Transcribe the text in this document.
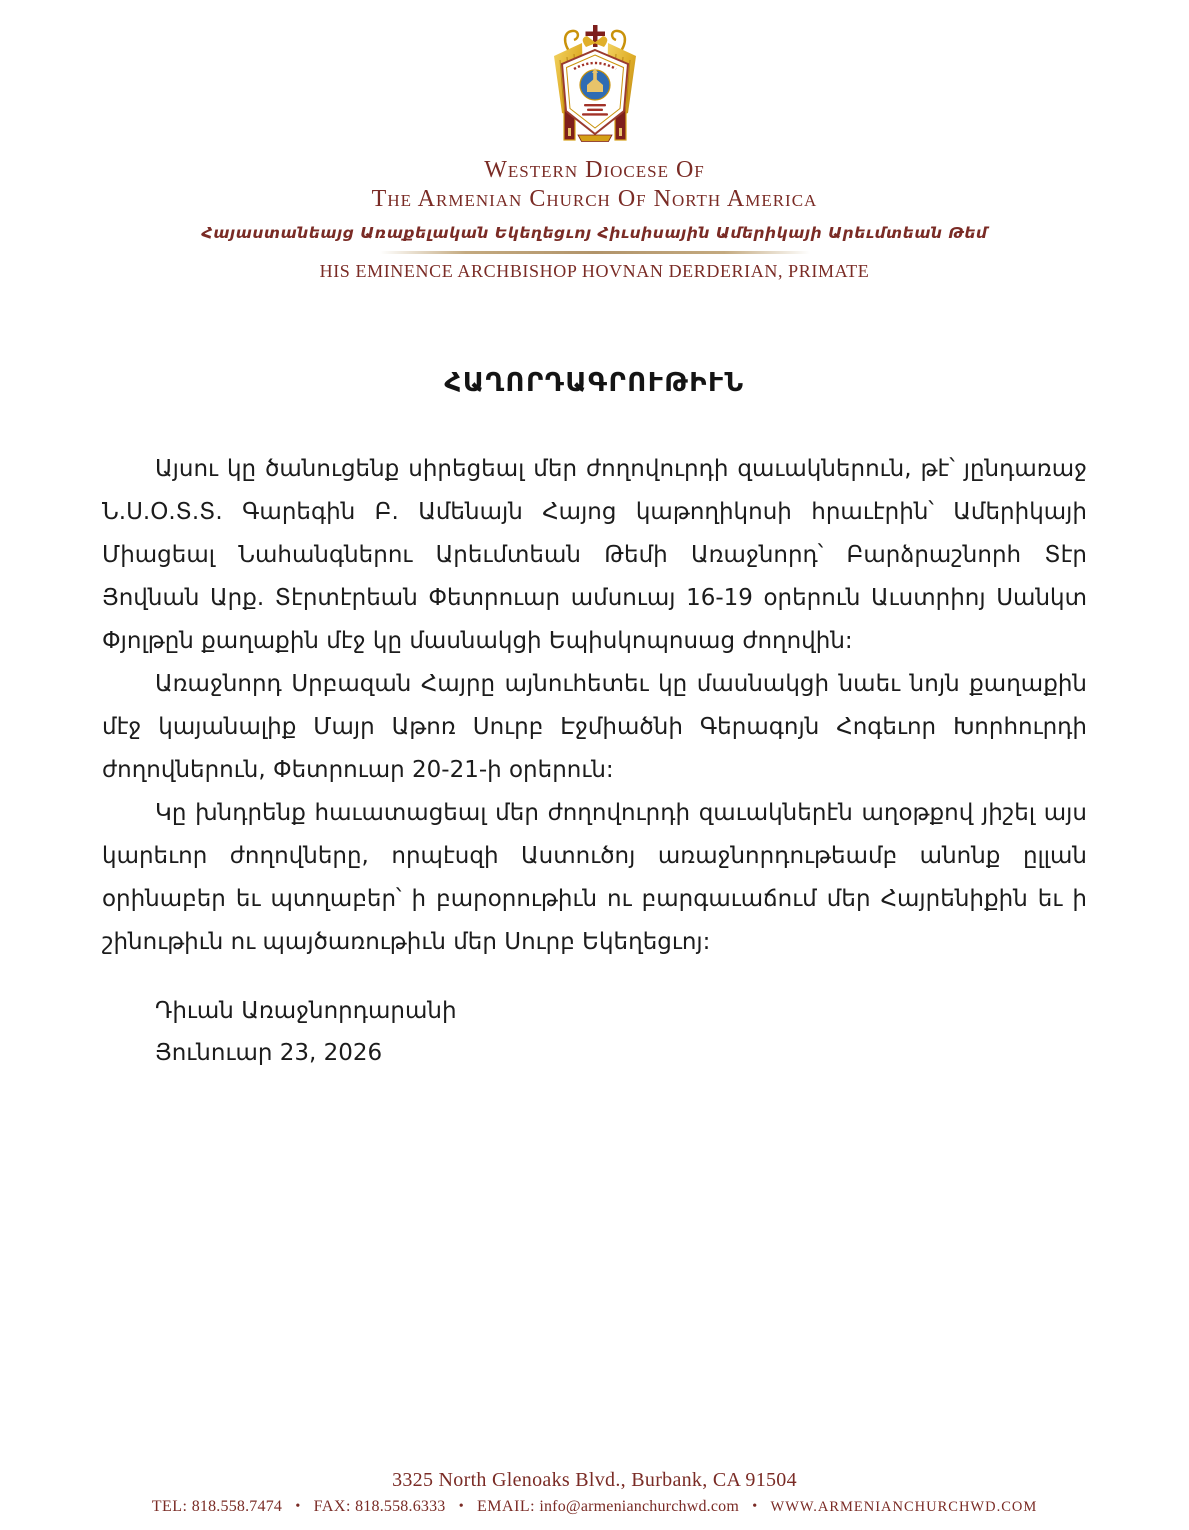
Western Diocese Of
The Armenian Church Of North America
Հայաստանեայց Առաքելական Եկեղեցւոյ Հիւսիսային Ամերիկայի Արեւմտեան Թեմ
HIS EMINENCE ARCHBISHOP HOVNAN DERDERIAN, PRIMATE
ՀԱՂՈՐԴԱԳՐՈՒԹԻՒՆ

Այսու կը ծանուցենք սիրեցեալ մեր ժողովուրդի զաւակներուն, թէ՝ յընդառաջ Ն.Ս.Օ.Տ.Տ. Գարեգին Բ. Ամենայն Հայոց կաթողիկոսի հրաւէրին՝ Ամերիկայի Միացեալ Նահանգներու Արեւմտեան Թեմի Առաջնորդ՝ Բարձրաշնորհ Տէր Յովնան Արք. Տէրտէրեան Փետրուար ամսուայ 16-19 օրերուն Աւստրիոյ Սանկտ Փյոլթըն քաղաքին մէջ կը մասնակցի Եպիսկոպոսաց ժողովին:

Առաջնորդ Սրբազան Հայրը այնուհետեւ կը մասնակցի նաեւ նոյն քաղաքին մէջ կայանալիք Մայր Աթոռ Սուրբ Էջմիածնի Գերագոյն Հոգեւոր Խորհուրդի ժողովներուն, Փետրուար 20-21-ի օրերուն:

Կը խնդրենք հաւատացեալ մեր ժողովուրդի զաւակներէն աղօթքով յիշել այս կարեւոր ժողովները, որպէսզի Աստուծոյ առաջնորդութեամբ անոնք ըլլան օրինաբեր եւ պտղաբեր՝ ի բարօրութիւն ու բարգաւաճում մեր Հայրենիքին եւ ի շինութիւն ու պայծառութիւն մեր Սուրբ Եկեղեցւոյ:

Դիւան Առաջնորդարանի
Յունուար 23, 2026
3325 North Glenoaks Blvd., Burbank, CA 91504
TEL: 818.558.7474 • FAX: 818.558.6333 • EMAIL: info@armenianchurchwd.com • WWW.ARMENIANCHURCHWD.COM
